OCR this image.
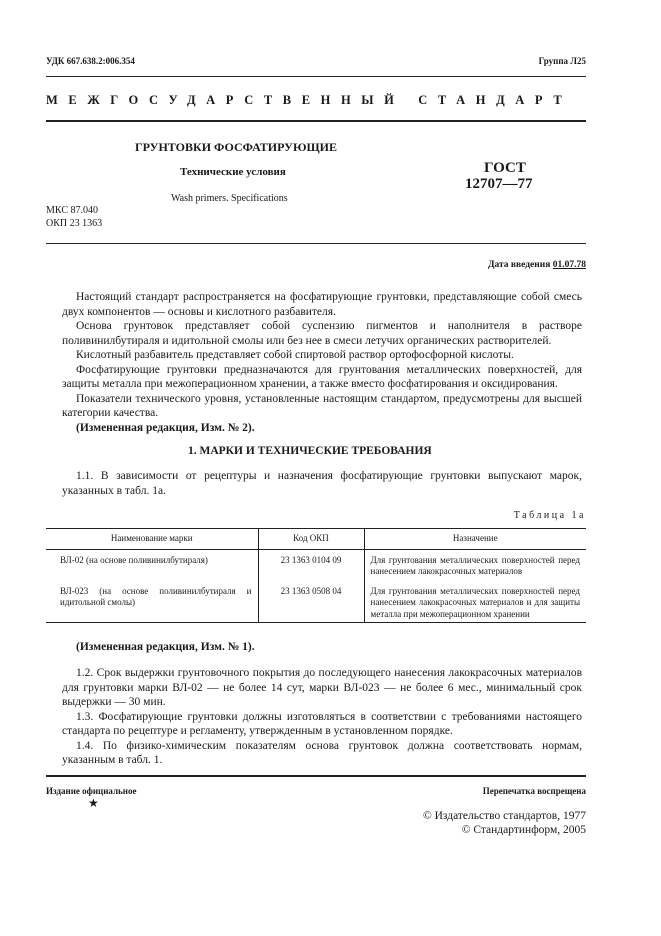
УДК 667.638.2:006.354	Группа Л25
МЕЖГОСУДАРСТВЕННЫЙ СТАНДАРТ
ГРУНТОВКИ ФОСФАТИРУЮЩИЕ
Технические условия
Wash primers. Specifications
ГОСТ
12707—77
МКС 87.040
ОКП 23 1363
Дата введения 01.07.78

Настоящий стандарт распространяется на фосфатирующие грунтовки, представляющие собой смесь двух компонентов — основы и кислотного разбавителя.

Основа грунтовок представляет собой суспензию пигментов и наполнителя в растворе поливинилбутираля и идитольной смолы или без нее в смеси летучих органических растворителей.

Кислотный разбавитель представляет собой спиртовой раствор ортофосфорной кислоты.

Фосфатирующие грунтовки предназначаются для грунтования металлических поверхностей, для защиты металла при межоперационном хранении, а также вместо фосфатирования и оксидирования.

Показатели технического уровня, установленные настоящим стандартом, предусмотрены для высшей категории качества.

(Измененная редакция, Изм. № 2).

1. МАРКИ И ТЕХНИЧЕСКИЕ ТРЕБОВАНИЯ

1.1. В зависимости от рецептуры и назначения фосфатирующие грунтовки выпускают марок, указанных в табл. 1а.

Таблица 1а
Наименование марки	Код ОКП	Назначение
ВЛ-02 (на основе поливинилбутираля)	23 1363 0104 09	Для грунтования металлических поверхностей перед нанесением лакокрасочных материалов
ВЛ-023 (на основе поливинилбутираля и идитольной смолы)	23 1363 0508 04	Для грунтования металлических поверхностей перед нанесением лакокрасочных материалов и для защиты металла при межоперационном хранении
(Измененная редакция, Изм. № 1).

1.2. Срок выдержки грунтовочного покрытия до последующего нанесения лакокрасочных материалов для грунтовки марки ВЛ-02 — не более 14 сут, марки ВЛ-023 — не более 6 мес., минимальный срок выдержки — 30 мин.

1.3. Фосфатирующие грунтовки должны изготовляться в соответствии с требованиями настоящего стандарта по рецептуре и регламенту, утвержденным в установленном порядке.

1.4. По физико-химическим показателям основа грунтовок должна соответствовать нормам, указанным в табл. 1.

Издание официальное
★
Перепечатка воспрещена
© Издательство стандартов, 1977
© Стандартинформ, 2005
